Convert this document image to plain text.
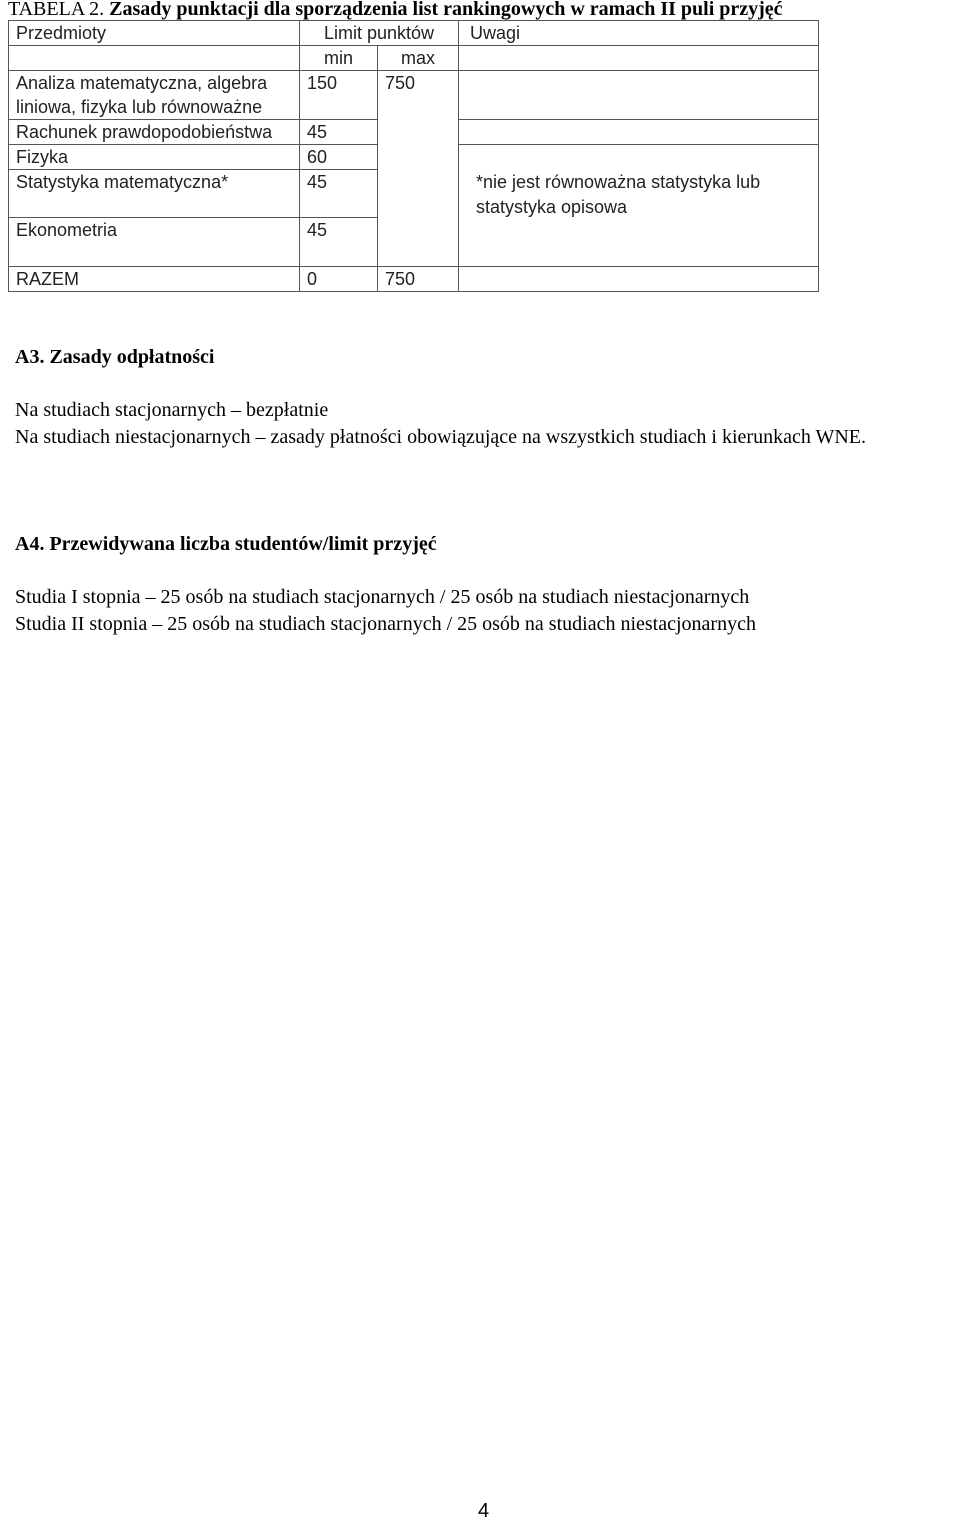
TABELA 2. Zasady punktacji dla sporządzenia list rankingowych w ramach II puli przyjęć
Przedmioty	Limit punktów		Uwagi
	min	max	
Analiza matematyczna, algebra liniowa, fizyka lub równoważne	150	750	
Rachunek prawdopodobieństwa	45		
Fizyka	60		
Statystyka matematyczna*	45		
Ekonometria	45		
RAZEM	0	750	
*nie jest równoważna statystyka lub statystyka opisowa
A3. Zasady odpłatności
Na studiach stacjonarnych – bezpłatnie
Na studiach niestacjonarnych – zasady płatności obowiązujące na wszystkich studiach i kierunkach WNE.
A4. Przewidywana liczba studentów/limit przyjęć
Studia I stopnia – 25 osób na studiach stacjonarnych / 25 osób na studiach niestacjonarnych
Studia II stopnia – 25 osób na studiach stacjonarnych / 25 osób na studiach niestacjonarnych
4
